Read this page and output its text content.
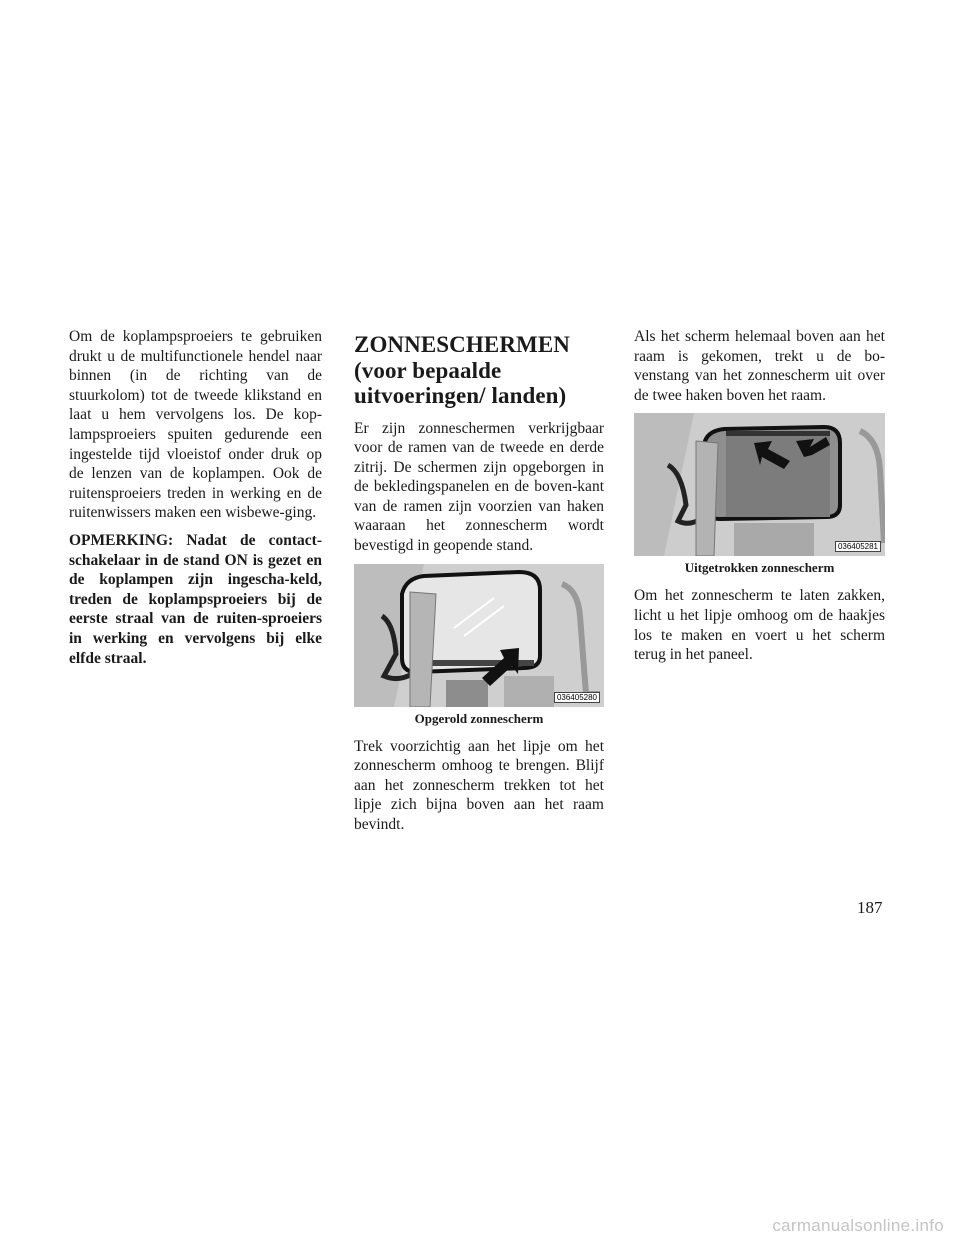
Om de koplampsproeiers te gebruiken drukt u de multifunctionele hendel naar binnen (in de richting van de stuurkolom) tot de tweede klikstand en laat u hem vervolgens los. De kop-lampsproeiers spuiten gedurende een ingestelde tijd vloeistof onder druk op de lenzen van de koplampen. Ook de ruitensproeiers treden in werking en de ruitenwissers maken een wisbewe-ging.

OPMERKING: Nadat de contact-schakelaar in de stand ON is gezet en de koplampen zijn ingescha-keld, treden de koplampsproeiers bij de eerste straal van de ruiten-sproeiers in werking en vervolgens bij elke elfde straal.

ZONNESCHERMEN (voor bepaalde uitvoeringen/ landen)

Er zijn zonneschermen verkrijgbaar voor de ramen van de tweede en derde zitrij. De schermen zijn opgeborgen in de bekledingspanelen en de boven-kant van de ramen zijn voorzien van haken waaraan het zonnescherm wordt bevestigd in geopende stand.

036405280
Opgerold zonnescherm

Trek voorzichtig aan het lipje om het zonnescherm omhoog te brengen. Blijf aan het zonnescherm trekken tot het lipje zich bijna boven aan het raam bevindt.

Als het scherm helemaal boven aan het raam is gekomen, trekt u de bo-venstang van het zonnescherm uit over de twee haken boven het raam.

036405281
Uitgetrokken zonnescherm

Om het zonnescherm te laten zakken, licht u het lipje omhoog om de haakjes los te maken en voert u het scherm terug in het paneel.

187
carmanualsonline.info
